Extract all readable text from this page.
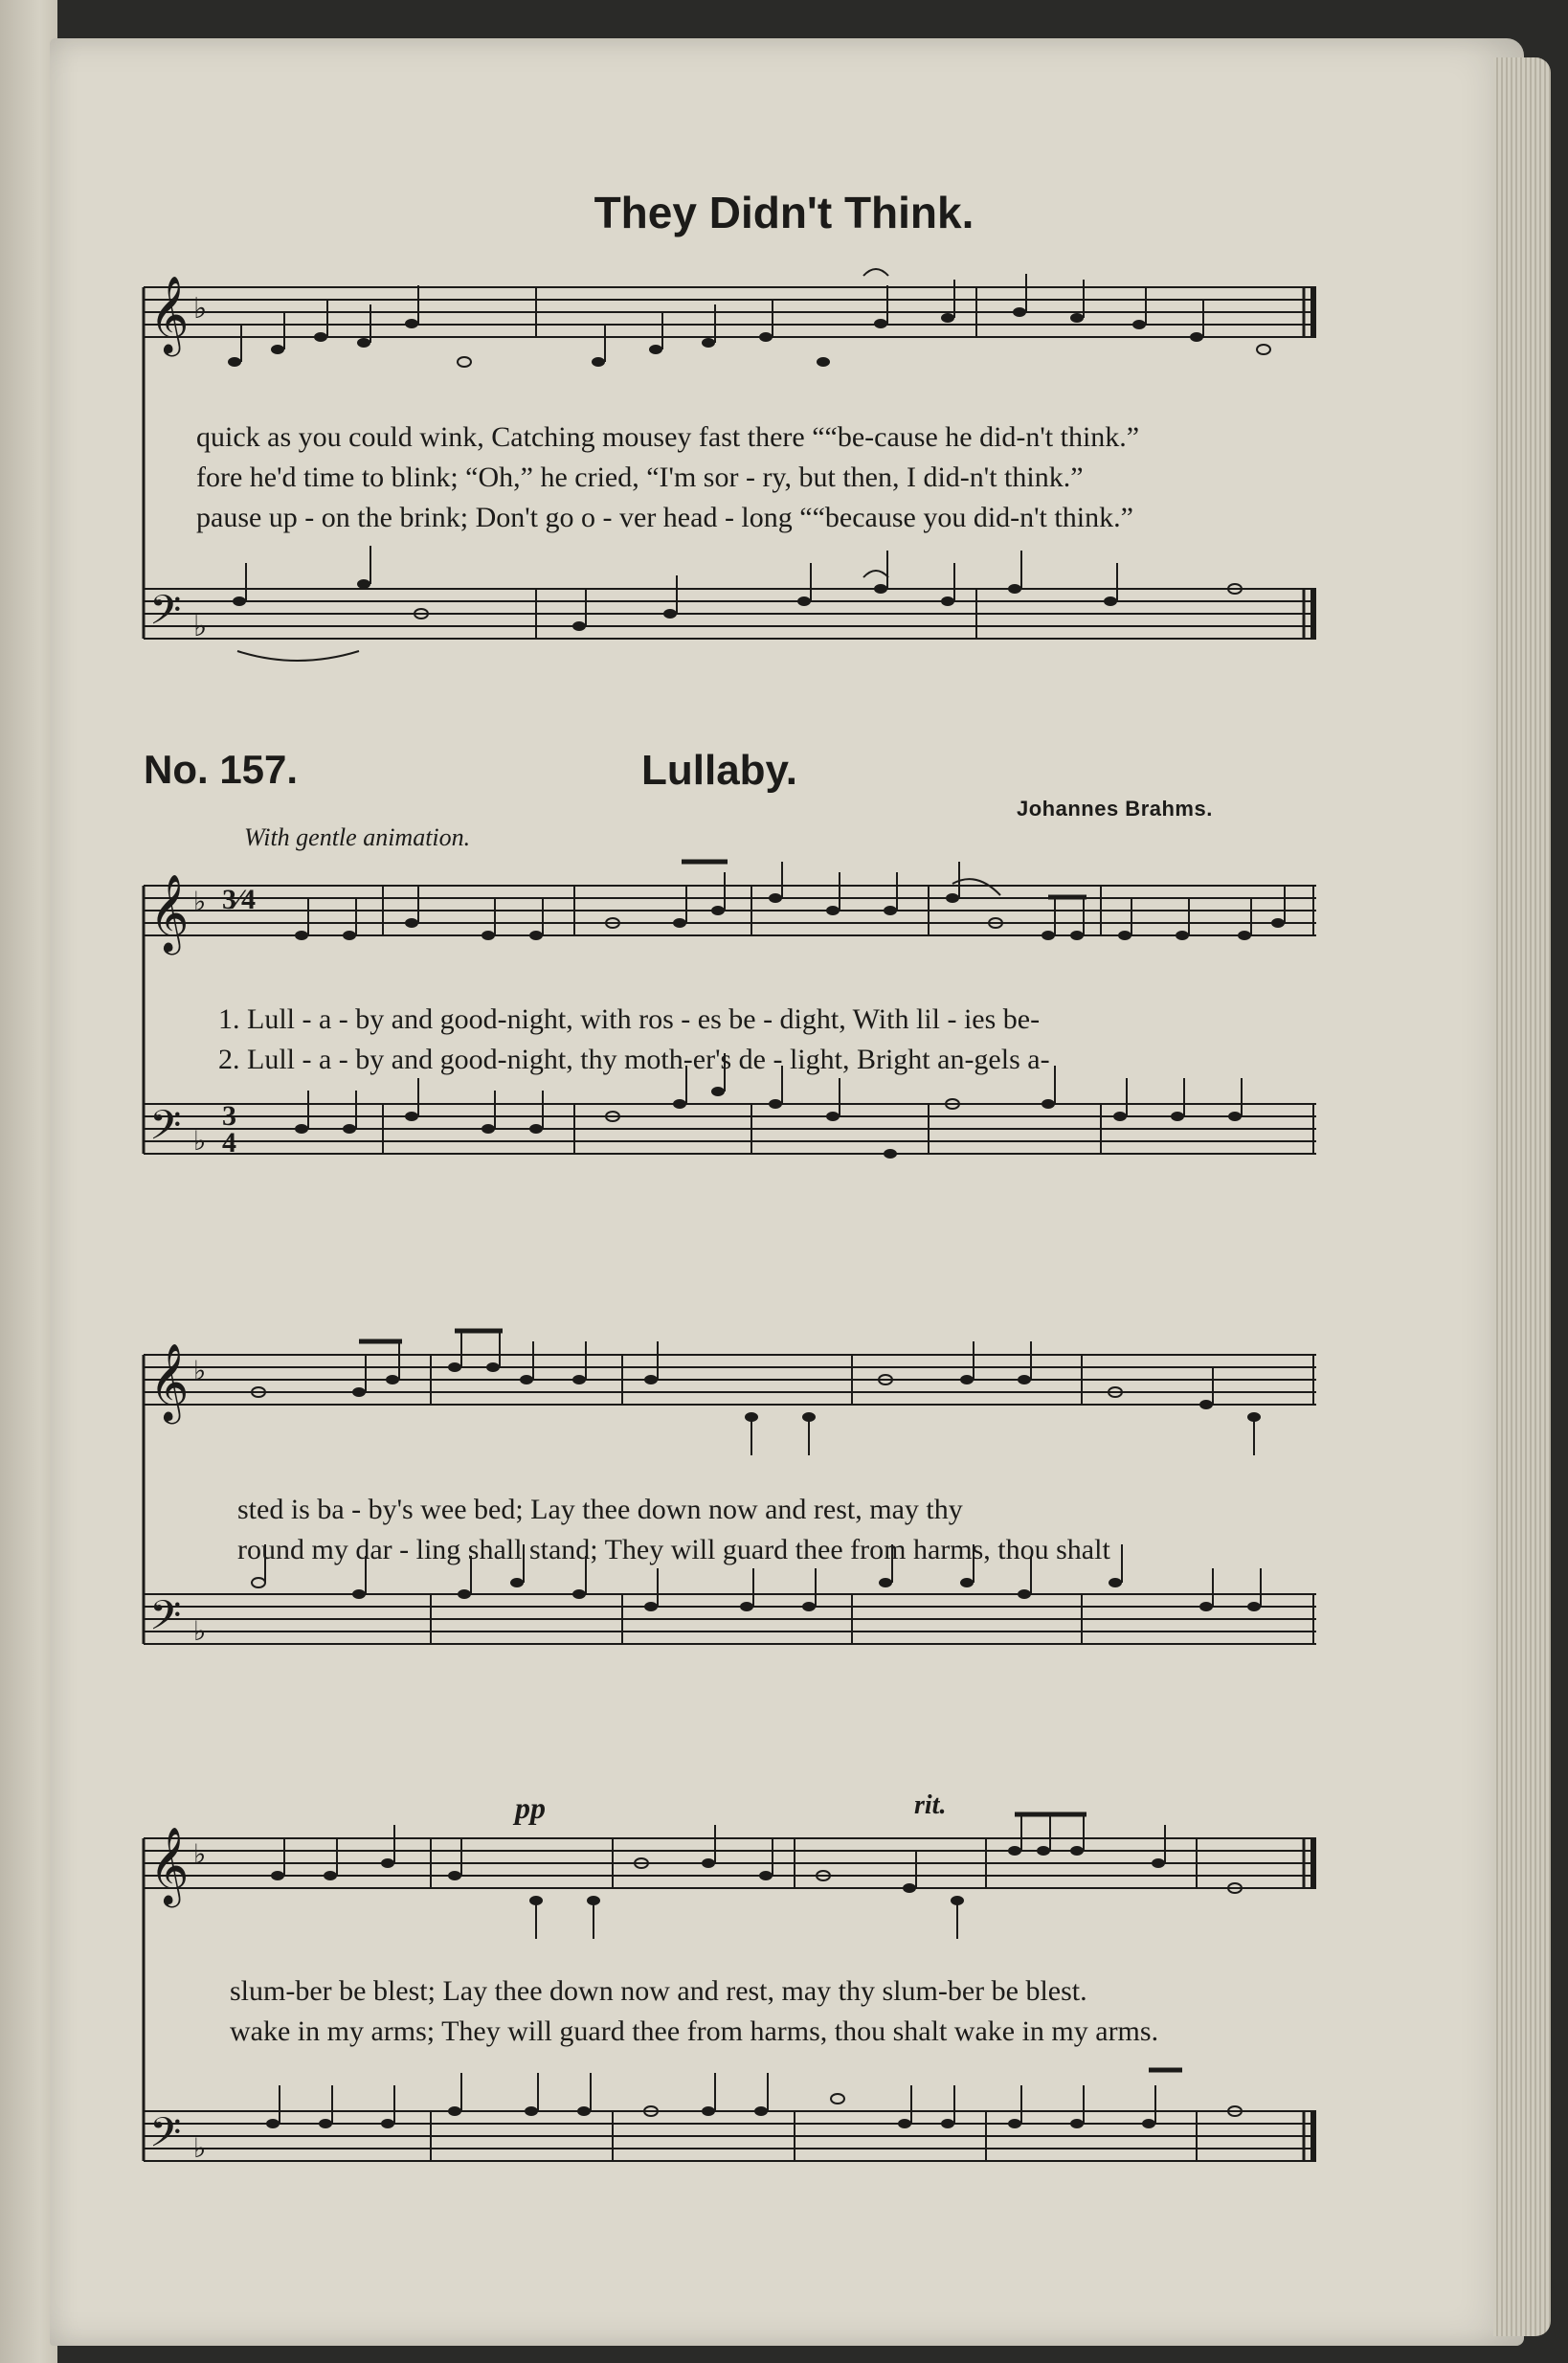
They Didn't Think.
𝄞
𝄢
♭
♭
quick as you could wink, Catching mousey fast there ““be-cause he did-n't think.”
fore he'd time to blink; “Oh,” he cried, “I'm sor - ry, but then, I did-n't think.”
pause up - on the brink; Don't go o - ver head - long ““because you did-n't think.”
No. 157.	Lullaby.
Johannes Brahms.
With gentle animation.
𝄞
𝄢
♭
♭
3⁄4
3
4
1. Lull - a - by and good-night, with ros - es be - dight, With lil - ies be-
2. Lull - a - by and good-night, thy moth-er's de - light, Bright an-gels a-
𝄞
𝄢
♭
♭
sted is ba - by's wee bed; Lay thee down now and rest, may thy
round my dar - ling shall stand; They will guard thee from harms, thou shalt
pp	rit.
𝄞
𝄢
♭
♭
slum-ber be blest; Lay thee down now and rest, may thy slum-ber be blest.
wake in my arms; They will guard thee from harms, thou shalt wake in my arms.
